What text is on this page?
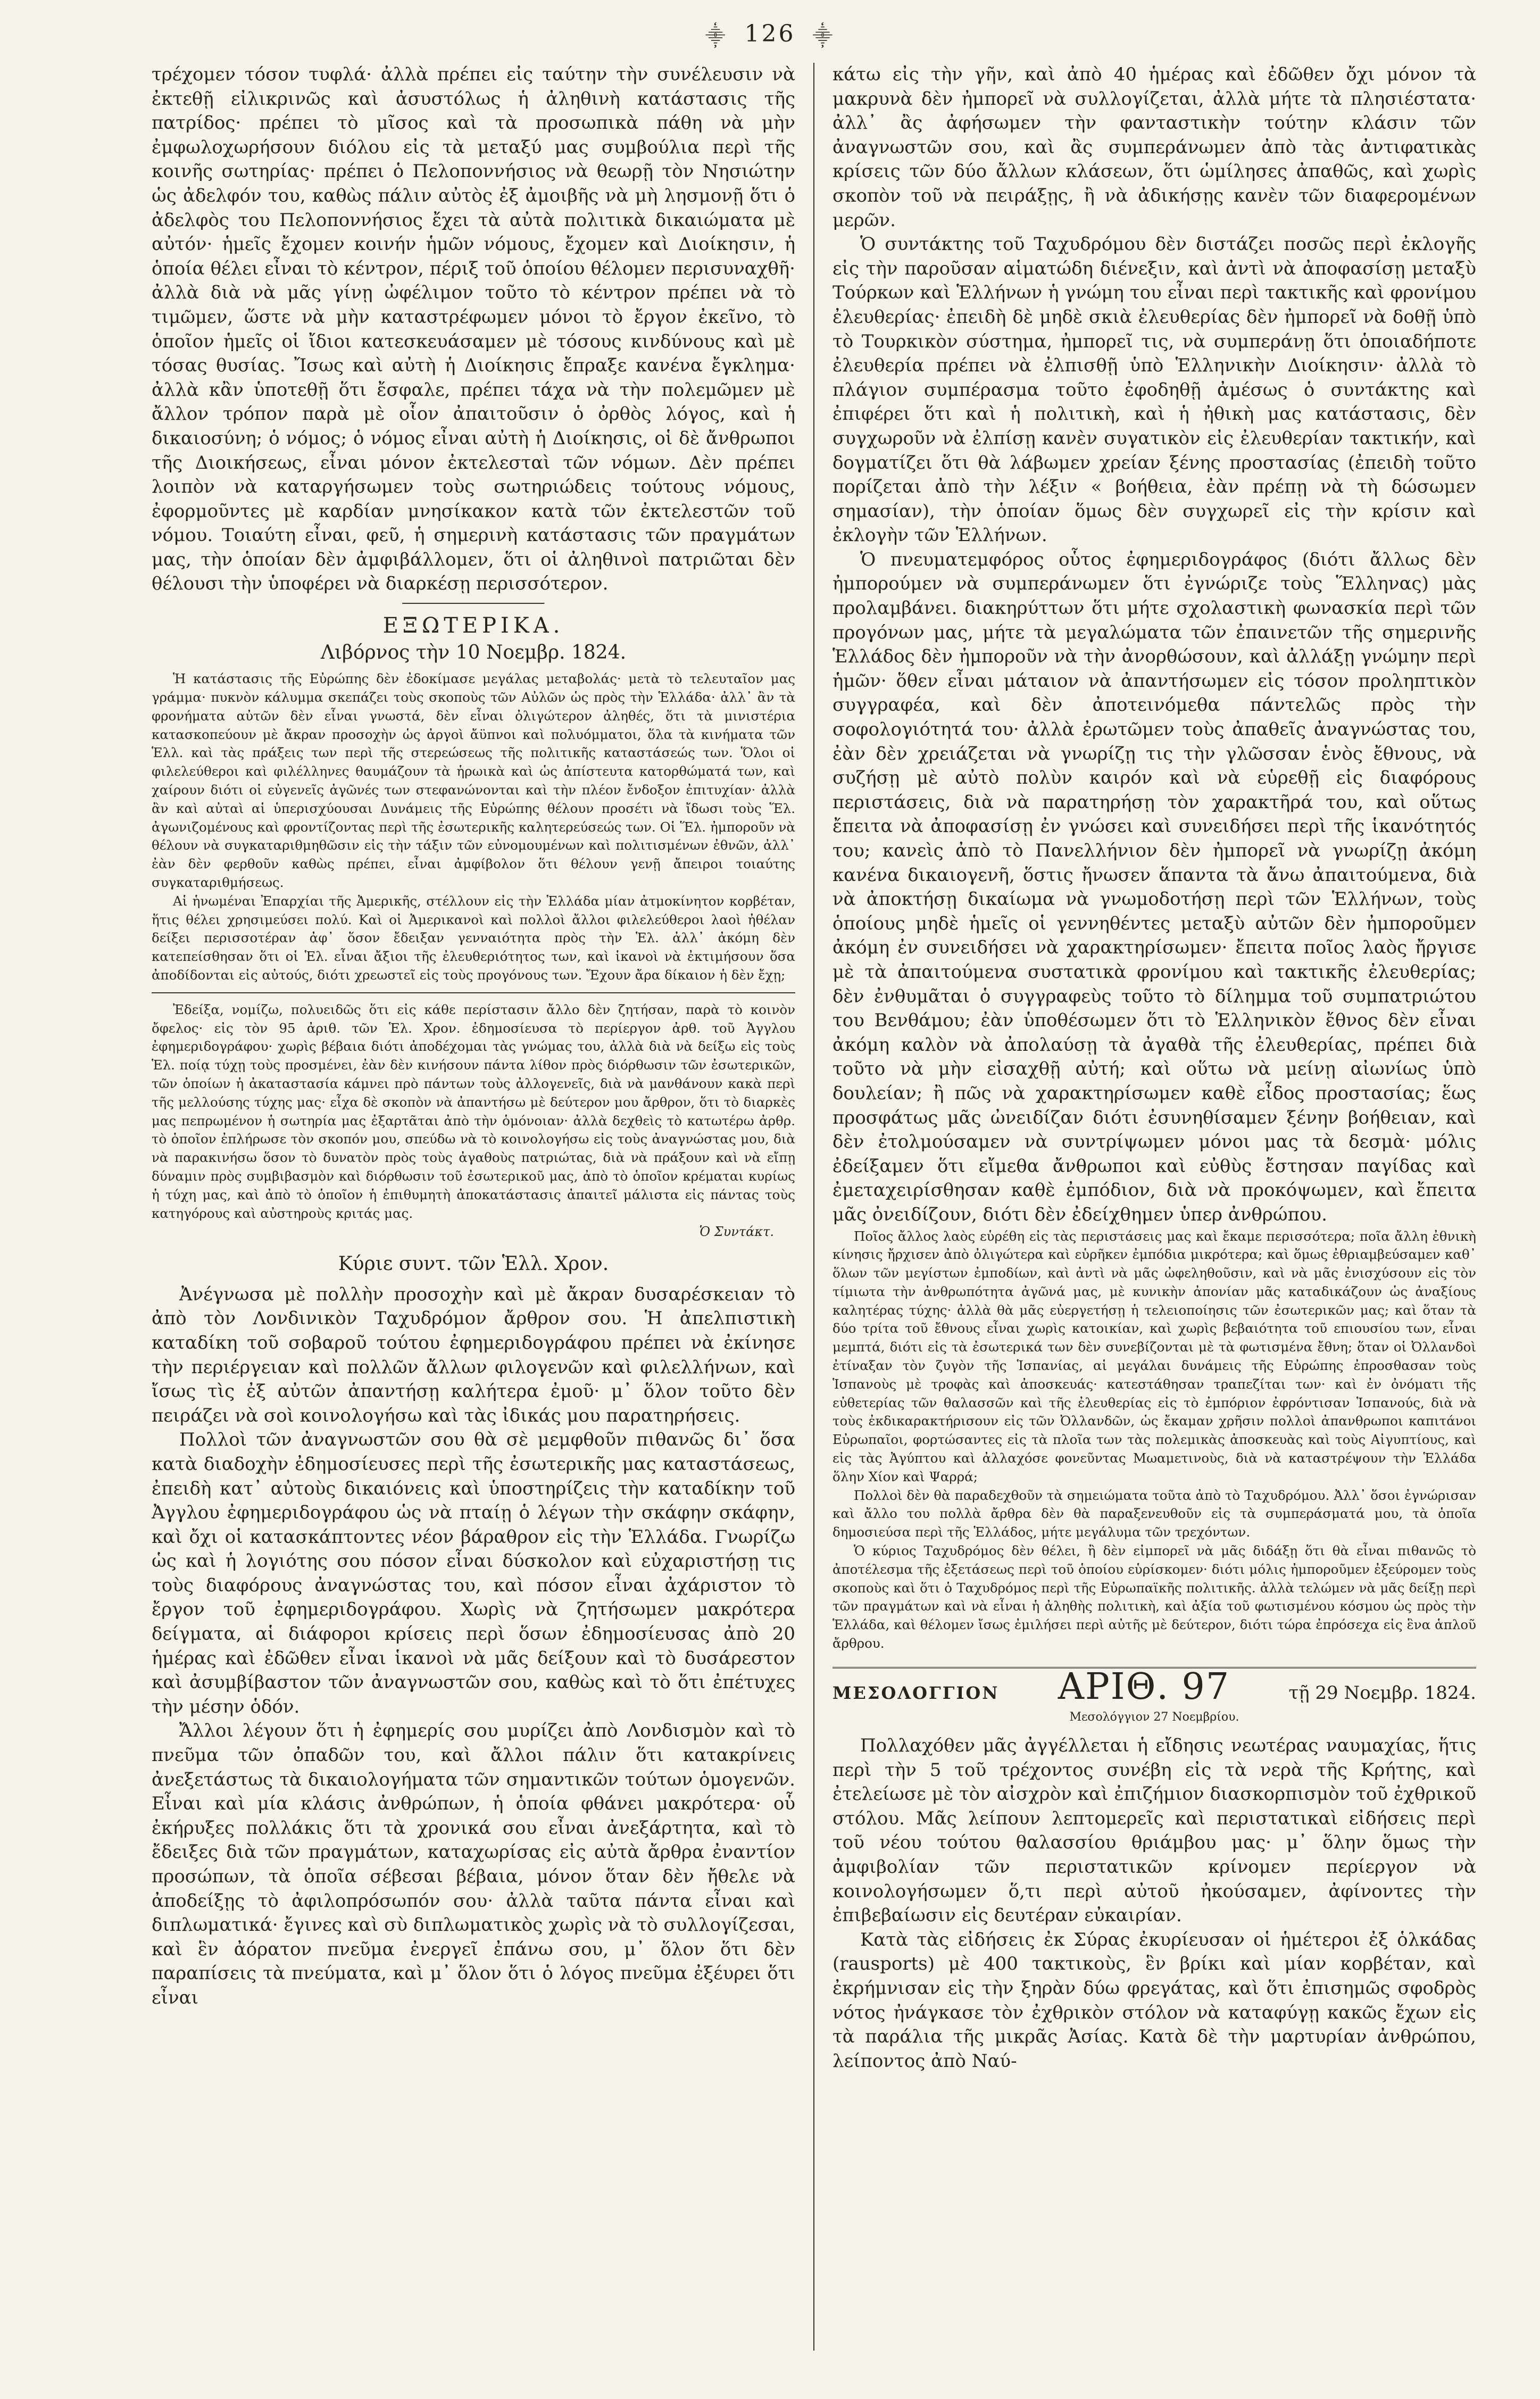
⸎ 126 ⸎

τρέχομεν τόσον τυφλά· ἀλλὰ πρέπει εἰς ταύτην τὴν συνέλευσιν νὰ ἐκτεθῇ εἰλικρινῶς καὶ ἀσυστόλως ἡ ἀληθινὴ κατάστασις τῆς πατρίδος· πρέπει τὸ μῖσος καὶ τὰ προσωπικὰ πάθη νὰ μὴν ἐμφωλοχωρήσουν διόλου εἰς τὰ μεταξύ μας συμβούλια περὶ τῆς κοινῆς σωτηρίας· πρέπει ὁ Πελοποννήσιος νὰ θεωρῇ τὸν Νησιώτην ὡς ἀδελφόν του, καθὼς πάλιν αὐτὸς ἐξ ἀμοιβῆς νὰ μὴ λησμονῇ ὅτι ὁ ἀδελφὸς του Πελοποννήσιος ἔχει τὰ αὐτὰ πολιτικὰ δικαιώματα μὲ αὐτόν· ἡμεῖς ἔχομεν κοινήν ἡμῶν νόμους, ἔχομεν καὶ Διοίκησιν, ἡ ὁποία θέλει εἶναι τὸ κέντρον, πέριξ τοῦ ὁποίου θέλομεν περισυναχθῆ· ἀλλὰ διὰ νὰ μᾶς γίνῃ ὠφέλιμον τοῦτο τὸ κέντρον πρέπει νὰ τὸ τιμῶμεν, ὥστε νὰ μὴν καταστρέφωμεν μόνοι τὸ ἔργον ἐκεῖνο, τὸ ὁποῖον ἡμεῖς οἱ ἴδιοι κατεσκευάσαμεν μὲ τόσους κινδύνους καὶ μὲ τόσας θυσίας. Ἴσως καὶ αὐτὴ ἡ Διοίκησις ἔπραξε κανένα ἔγκλημα· ἀλλὰ κἂν ὑποτεθῇ ὅτι ἔσφαλε, πρέπει τάχα νὰ τὴν πολεμῶμεν μὲ ἄλλον τρόπον παρὰ μὲ οἷον ἀπαιτοῦσιν ὁ ὀρθὸς λόγος, καὶ ἡ δικαιοσύνη; ὁ νόμος; ὁ νόμος εἶναι αὐτὴ ἡ Διοίκησις, οἱ δὲ ἄνθρωποι τῆς Διοικήσεως, εἶναι μόνον ἐκτελεσταὶ τῶν νόμων. Δὲν πρέπει λοιπὸν νὰ καταργήσωμεν τοὺς σωτηριώδεις τούτους νόμους, ἐφορμοῦντες μὲ καρδίαν μνησίκακον κατὰ τῶν ἐκτελεστῶν τοῦ νόμου. Τοιαύτη εἶναι, φεῦ, ἡ σημερινὴ κατάστασις τῶν πραγμάτων μας, τὴν ὁποίαν δὲν ἀμφιβάλλομεν, ὅτι οἱ ἀληθινοὶ πατριῶται δὲν θέλουσι τὴν ὑποφέρει νὰ διαρκέσῃ περισσότερον.

ΕΞΩΤΕΡΙΚΑ.
Λιβόρνος τὴν 10 Νοεμβρ. 1824.

Ἡ κατάστασις τῆς Εὐρώπης δὲν ἐδοκίμασε μεγάλας μεταβολάς· μετὰ τὸ τελευταῖον μας γράμμα· πυκνὸν κάλυμμα σκεπάζει τοὺς σκοποὺς τῶν Αὐλῶν ὡς πρὸς τὴν Ἑλλάδα· ἀλλ᾽ ἂν τὰ φρονήματα αὐτῶν δὲν εἶναι γνωστά, δὲν εἶναι ὀλιγώτερον ἀληθές, ὅτι τὰ μινιστέρια κατασκοπεύουν μὲ ἄκραν προσοχὴν ὡς ἀργοὶ ἄϋπνοι καὶ πολυόμματοι, ὅλα τὰ κινήματα τῶν Ἑλλ. καὶ τὰς πράξεις των περὶ τῆς στερεώσεως τῆς πολιτικῆς καταστάσεώς των. Ὅλοι οἱ φιλελεύθεροι καὶ φιλέλληνες θαυμάζουν τὰ ἡρωικὰ καὶ ὡς ἀπίστευτα κατορθώματά των, καὶ χαίρουν διότι οἱ εὐγενεῖς ἀγῶνές των στεφανώνονται καὶ τὴν πλέον ἔνδοξον ἐπιτυχίαν· ἀλλὰ ἂν καὶ αὐταὶ αἱ ὑπερισχύουσαι Δυνάμεις τῆς Εὐρώπης θέλουν προσέτι νὰ ἴδωσι τοὺς Ἕλ. ἀγωνιζομένους καὶ φροντίζοντας περὶ τῆς ἐσωτερικῆς καλητερεύσεώς των. Οἱ Ἕλ. ἠμποροῦν νὰ θέλουν νὰ συγκαταριθμηθῶσιν εἰς τὴν τάξιν τῶν εὐνομουμένων καὶ πολιτισμένων ἐθνῶν, ἀλλ᾽ ἐὰν δὲν φερθοῦν καθὼς πρέπει, εἶναι ἀμφίβολον ὅτι θέλουν γενῇ ἄπειροι τοιαύτης συγκαταριθμήσεως.

Αἱ ἡνωμέναι Ἐπαρχίαι τῆς Ἀμερικῆς, στέλλουν εἰς τὴν Ἑλλάδα μίαν ἀτμοκίνητον κορβέταν, ἥτις θέλει χρησιμεύσει πολύ. Καὶ οἱ Ἀμερικανοὶ καὶ πολλοὶ ἄλλοι φιλελεύθεροι λαοὶ ἠθέλαν δείξει περισσοτέραν ἀφ᾽ ὅσον ἔδειξαν γενναιότητα πρὸς τὴν Ἑλ. ἀλλ᾽ ἀκόμη δὲν κατεπείσθησαν ὅτι οἱ Ἑλ. εἶναι ἄξιοι τῆς ἐλευθεριότητος των, καὶ ἱκανοὶ νὰ ἐκτιμήσουν ὅσα ἀποδίδονται εἰς αὐτούς, διότι χρεωστεῖ εἰς τοὺς προγόνους των. Ἔχουν ἄρα δίκαιον ἡ δὲν ἔχῃ;

Ἐδείξα, νομίζω, πολυειδῶς ὅτι εἰς κάθε περίστασιν ἄλλο δὲν ζητήσαν, παρὰ τὸ κοινὸν ὄφελος· εἰς τὸν 95 ἀριθ. τῶν Ἑλ. Χρον. ἐδημοσίευσα τὸ περίεργον ἀρθ. τοῦ Ἀγγλου ἐφημεριδογράφου· χωρὶς βέβαια διότι ἀποδέχομαι τὰς γνώμας του, ἀλλὰ διὰ νὰ δείξω εἰς τοὺς Ἑλ. ποίᾳ τύχῃ τοὺς προσμένει, ἐὰν δὲν κινήσουν πάντα λίθον πρὸς διόρθωσιν τῶν ἐσωτερικῶν, τῶν ὁποίων ἡ ἀκαταστασία κάμνει πρὸ πάντων τοὺς ἀλλογενεῖς, διὰ νὰ μανθάνουν κακὰ περὶ τῆς μελλούσης τύχης μας· εἶχα δὲ σκοπὸν νὰ ἀπαντήσω μὲ δεύτερον μου ἄρθρον, ὅτι τὸ διαρκὲς μας πεπρωμένον ἡ σωτηρία μας ἐξαρτᾶται ἀπὸ τὴν ὁμόνοιαν· ἀλλὰ δεχθεὶς τὸ κατωτέρω ἀρθρ. τὸ ὁποῖον ἐπλήρωσε τὸν σκοπόν μου, σπεύδω νὰ τὸ κοινολογήσω εἰς τοὺς ἀναγνώστας μου, διὰ νὰ παρακινήσω ὅσον τὸ δυνατὸν πρὸς τοὺς ἀγαθοὺς πατριώτας, διὰ νὰ πράξουν καὶ νὰ εἴπῃ δύναμιν πρὸς συμβιβασμὸν καὶ διόρθωσιν τοῦ ἐσωτερικοῦ μας, ἀπὸ τὸ ὁποῖον κρέμαται κυρίως ἡ τύχη μας, καὶ ἀπὸ τὸ ὁποῖον ἡ ἐπιθυμητὴ ἀποκατάστασις ἀπαιτεῖ μάλιστα εἰς πάντας τοὺς κατηγόρους καὶ αὐστηροὺς κριτάς μας.

Ὁ Συντάκτ.
Κύριε συντ. τῶν Ἑλλ. Χρον.

Ἀνέγνωσα μὲ πολλὴν προσοχὴν καὶ μὲ ἄκραν δυσαρέσκειαν τὸ ἀπὸ τὸν Λονδινικὸν Ταχυδρόμον ἄρθρον σου. Ἡ ἀπελπιστικὴ καταδίκη τοῦ σοβαροῦ τούτου ἐφημεριδογράφου πρέπει νὰ ἐκίνησε τὴν περιέργειαν καὶ πολλῶν ἄλλων φιλογενῶν καὶ φιλελλήνων, καὶ ἴσως τὶς ἐξ αὐτῶν ἀπαντήσῃ καλήτερα ἐμοῦ· μ᾽ ὅλον τοῦτο δὲν πειράζει νὰ σοὶ κοινολογήσω καὶ τὰς ἰδικάς μου παρατηρήσεις.

Πολλοὶ τῶν ἀναγνωστῶν σου θὰ σὲ μεμφθοῦν πιθανῶς δι᾽ ὅσα κατὰ διαδοχὴν ἐδημοσίευσες περὶ τῆς ἐσωτερικῆς μας καταστάσεως, ἐπειδὴ κατ᾽ αὐτοὺς δικαιόνεις καὶ ὑποστηρίζεις τὴν καταδίκην τοῦ Ἀγγλου ἐφημεριδογράφου ὡς νὰ πταίῃ ὁ λέγων τὴν σκάφην σκάφην, καὶ ὄχι οἱ κατασκάπτοντες νέον βάραθρον εἰς τὴν Ἑλλάδα. Γνωρίζω ὡς καὶ ἡ λογιότης σου πόσον εἶναι δύσκολον καὶ εὐχαριστήσῃ τις τοὺς διαφόρους ἀναγνώστας του, καὶ πόσον εἶναι ἀχάριστον τὸ ἔργον τοῦ ἐφημεριδογράφου. Χωρὶς νὰ ζητήσωμεν μακρότερα δείγματα, αἱ διάφοροι κρίσεις περὶ ὅσων ἐδημοσίευσας ἀπὸ 20 ἡμέρας καὶ ἐδῶθεν εἶναι ἱκανοὶ νὰ μᾶς δείξουν καὶ τὸ δυσάρεστον καὶ ἀσυμβίβαστον τῶν ἀναγνωστῶν σου, καθὼς καὶ τὸ ὅτι ἐπέτυχες τὴν μέσην ὁδόν.

Ἄλλοι λέγουν ὅτι ἡ ἐφημερίς σου μυρίζει ἀπὸ Λονδισμὸν καὶ τὸ πνεῦμα τῶν ὀπαδῶν του, καὶ ἄλλοι πάλιν ὅτι κατακρίνεις ἀνεξετάστως τὰ δικαιολογήματα τῶν σημαντικῶν τούτων ὁμογενῶν. Εἶναι καὶ μία κλάσις ἀνθρώπων, ἡ ὁποία φθάνει μακρότερα· οὗ ἐκήρυξες πολλάκις ὅτι τὰ χρονικά σου εἶναι ἀνεξάρτητα, καὶ τὸ ἔδειξες διὰ τῶν πραγμάτων, καταχωρίσας εἰς αὐτὰ ἄρθρα ἐναντίον προσώπων, τὰ ὁποῖα σέβεσαι βέβαια, μόνον ὅταν δὲν ἤθελε νὰ ἀποδείξῃς τὸ ἀφιλοπρόσωπόν σου· ἀλλὰ ταῦτα πάντα εἶναι καὶ διπλωματικά· ἔγινες καὶ σὺ διπλωματικὸς χωρὶς νὰ τὸ συλλογίζεσαι, καὶ ἓν ἀόρατον πνεῦμα ἐνεργεῖ ἐπάνω σου, μ᾽ ὅλον ὅτι δὲν παραπίσεις τὰ πνεύματα, καὶ μ᾽ ὅλον ὅτι ὁ λόγος πνεῦμα ἐξέυρει ὅτι εἶναι

κάτω εἰς τὴν γῆν, καὶ ἀπὸ 40 ἡμέρας καὶ ἐδῶθεν ὄχι μόνον τὰ μακρυνὰ δὲν ἠμπορεῖ νὰ συλλογίζεται, ἀλλὰ μήτε τὰ πλησιέστατα· ἀλλ᾽ ἂς ἀφήσωμεν τὴν φανταστικὴν τούτην κλάσιν τῶν ἀναγνωστῶν σου, καὶ ἂς συμπεράνωμεν ἀπὸ τὰς ἀντιφατικὰς κρίσεις τῶν δύο ἄλλων κλάσεων, ὅτι ὡμίλησες ἀπαθῶς, καὶ χωρὶς σκοπὸν τοῦ νὰ πειράξῃς, ἢ νὰ ἀδικήσῃς κανὲν τῶν διαφερομένων μερῶν.

Ὁ συντάκτης τοῦ Ταχυδρόμου δὲν διστάζει ποσῶς περὶ ἐκλογῆς εἰς τὴν παροῦσαν αἱματώδη διένεξιν, καὶ ἀντὶ νὰ ἀποφασίσῃ μεταξὺ Τούρκων καὶ Ἑλλήνων ἡ γνώμη του εἶναι περὶ τακτικῆς καὶ φρονίμου ἐλευθερίας· ἐπειδὴ δὲ μηδὲ σκιὰ ἐλευθερίας δὲν ἠμπορεῖ νὰ δοθῇ ὑπὸ τὸ Τουρκικὸν σύστημα, ἠμπορεῖ τις, νὰ συμπεράνῃ ὅτι ὁποιαδήποτε ἐλευθερία πρέπει νὰ ἐλπισθῇ ὑπὸ Ἑλληνικὴν Διοίκησιν· ἀλλὰ τὸ πλάγιον συμπέρασμα τοῦτο ἐφοδηθῇ ἀμέσως ὁ συντάκτης καὶ ἐπιφέρει ὅτι καὶ ἡ πολιτικὴ, καὶ ἡ ἠθικὴ μας κατάστασις, δὲν συγχωροῦν νὰ ἐλπίσῃ κανὲν συγατικὸν εἰς ἐλευθερίαν τακτικήν, καὶ δογματίζει ὅτι θὰ λάβωμεν χρείαν ξένης προστασίας (ἐπειδὴ τοῦτο πορίζεται ἀπὸ τὴν λέξιν « βοήθεια, ἐὰν πρέπῃ νὰ τὴ δώσωμεν σημασίαν), τὴν ὁποίαν ὅμως δὲν συγχωρεῖ εἰς τὴν κρίσιν καὶ ἐκλογὴν τῶν Ἑλλήνων.

Ὁ πνευματεμφόρος οὗτος ἐφημεριδογράφος (διότι ἄλλως δὲν ἠμπορούμεν νὰ συμπεράνωμεν ὅτι ἐγνώριζε τοὺς Ἕλληνας) μὰς προλαμβάνει. διακηρύττων ὅτι μήτε σχολαστικὴ φωνασκία περὶ τῶν προγόνων μας, μήτε τὰ μεγαλώματα τῶν ἐπαινετῶν τῆς σημερινῆς Ἑλλάδος δὲν ἠμποροῦν νὰ τὴν ἀνορθώσουν, καὶ ἀλλάξῃ γνώμην περὶ ἡμῶν· ὅθεν εἶναι μάταιον νὰ ἀπαντήσωμεν εἰς τόσον προληπτικὸν συγγραφέα, καὶ δὲν ἀποτεινόμεθα πάντελῶς πρὸς τὴν σοφολογιότητά του· ἀλλὰ ἐρωτῶμεν τοὺς ἀπαθεῖς ἀναγνώστας του, ἐὰν δὲν χρειάζεται νὰ γνωρίζῃ τις τὴν γλῶσσαν ἑνὸς ἔθνους, νὰ συζήσῃ μὲ αὐτὸ πολὺν καιρόν καὶ νὰ εὑρεθῇ εἰς διαφόρους περιστάσεις, διὰ νὰ παρατηρήσῃ τὸν χαρακτῆρά του, καὶ οὕτως ἔπειτα νὰ ἀποφασίσῃ ἐν γνώσει καὶ συνειδήσει περὶ τῆς ἱκανότητός του; κανεὶς ἀπὸ τὸ Πανελλήνιον δὲν ἠμπορεῖ νὰ γνωρίζῃ ἀκόμη κανένα δικαιογενῆ, ὅστις ἤνωσεν ἅπαντα τὰ ἄνω ἀπαιτούμενα, διὰ νὰ ἀποκτήσῃ δικαίωμα νὰ γνωμοδοτήσῃ περὶ τῶν Ἑλλήνων, τοὺς ὁποίους μηδὲ ἡμεῖς οἱ γεννηθέντες μεταξὺ αὐτῶν δὲν ἠμποροῦμεν ἀκόμη ἐν συνειδήσει νὰ χαρακτηρίσωμεν· ἔπειτα ποῖος λαὸς ἤργισε μὲ τὰ ἀπαιτούμενα συστατικὰ φρονίμου καὶ τακτικῆς ἐλευθερίας; δὲν ἐνθυμᾶται ὁ συγγραφεὺς τοῦτο τὸ δίλημμα τοῦ συμπατριώτου του Βενθάμου; ἐὰν ὑποθέσωμεν ὅτι τὸ Ἑλληνικὸν ἔθνος δὲν εἶναι ἀκόμη καλὸν νὰ ἀπολαύσῃ τὰ ἀγαθὰ τῆς ἐλευθερίας, πρέπει διὰ τοῦτο νὰ μὴν εἰσαχθῇ αὐτή; καὶ οὕτω νὰ μείνῃ αἰωνίως ὑπὸ δουλείαν; ἢ πῶς νὰ χαρακτηρίσωμεν καθὲ εἶδος προστασίας; ἕως προσφάτως μᾶς ὠνειδίζαν διότι ἐσυνηθίσαμεν ξένην βοήθειαν, καὶ δὲν ἐτολμούσαμεν νὰ συντρίψωμεν μόνοι μας τὰ δεσμὰ· μόλις ἐδείξαμεν ὅτι εἴμεθα ἄνθρωποι καὶ εὐθὺς ἔστησαν παγίδας καὶ ἐμεταχειρίσθησαν καθὲ ἐμπόδιον, διὰ νὰ προκόψωμεν, καὶ ἔπειτα μᾶς ὀνειδίζουν, διότι δὲν ἐδείχθημεν ὑπερ ἀνθρώπου.

Ποῖος ἄλλος λαὸς εὑρέθη εἰς τὰς περιστάσεις μας καὶ ἔκαμε περισσότερα; ποῖα ἄλλη ἐθνικὴ κίνησις ἤρχισεν ἀπὸ ὀλιγώτερα καὶ εὑρῆκεν ἐμπόδια μικρότερα; καὶ ὅμως ἐθριαμβεύσαμεν καθ᾽ ὅλων τῶν μεγίστων ἐμποδίων, καὶ ἀντὶ νὰ μᾶς ὠφεληθοῦσιν, καὶ νὰ μᾶς ἐνισχύσουν εἰς τὸν τίμιωτα τὴν ἀνθρωπότητα ἀγῶνά μας, μὲ κυνικὴν ἀπονίαν μᾶς καταδικάζουν ὡς ἀναξίους καλητέρας τύχης· ἀλλὰ θὰ μᾶς εὐεργετήσῃ ἡ τελειοποίησις τῶν ἐσωτερικῶν μας; καὶ ὅταν τὰ δύο τρίτα τοῦ ἔθνους εἶναι χωρὶς κατοικίαν, καὶ χωρὶς βεβαιότητα τοῦ επιουσίου των, εἶναι μεμπτά, διότι εἰς τὰ ἐσωτερικά των δὲν συνεβίζονται μὲ τὰ φωτισμένα ἔθνη; ὅταν οἱ Ὀλλανδοὶ ἐτίναξαν τὸν ζυγὸν τῆς Ἱσπανίας, αἱ μεγάλαι δυνάμεις τῆς Εὐρώπης ἐπροσθασαν τοὺς Ἱσπανοὺς μὲ τροφὰς καὶ ἀποσκευάς· κατεστάθησαν τραπεζίται των· καὶ ἐν ὀνόματι τῆς εὐθετερίας τῶν θαλασσῶν καὶ τῆς ἐλευθερίας εἰς τὸ ἐμπόριον ἐφρόντισαν Ἱσπανούς, διὰ νὰ τοὺς ἐκδικαρακτήρισουν εἰς τῶν Ὀλλανδῶν, ὡς ἔκαμαν χρῆσιν πολλοὶ ἀπανθρωποι καπιτάνοι Εὐρωπαῖοι, φορτώσαντες εἰς τὰ πλοῖα των τὰς πολεμικὰς ἀποσκευὰς καὶ τοὺς Αἰγυπτίους, καὶ εἰς τὰς Ἀγύπτου καὶ ἀλλαχόσε φονεῦντας Μωαμετινοὺς, διὰ νὰ καταστρέψουν τὴν Ἑλλάδα ὅλην Χίον καὶ Ψαρρά;

Πολλοὶ δὲν θὰ παραδεχθοῦν τὰ σημειώματα τοῦτα ἀπὸ τὸ Ταχυδρόμου. Ἀλλ᾽ ὅσοι ἐγνώρισαν καὶ ἄλλο του πολλὰ ἄρθρα δὲν θὰ παραξενευθοῦν εἰς τὰ συμπεράσματά μου, τὰ ὁποῖα δημοσιεύσα περὶ τῆς Ἑλλάδος, μήτε μεγάλυμα τῶν τρεχόντων.

Ὁ κύριος Ταχυδρόμος δὲν θέλει, ἢ δὲν εἰμπορεῖ νὰ μᾶς διδάξῃ ὅτι θὰ εἶναι πιθανῶς τὸ ἀποτέλεσμα τῆς ἐξετάσεως περὶ τοῦ ὁποίου εὑρίσκομεν· διότι μόλις ἠμποροῦμεν ἐξεύρομεν τοὺς σκοποὺς καὶ ὅτι ὁ Ταχυδρόμος περὶ τῆς Εὐρωπαϊκῆς πολιτικῆς. ἀλλὰ τελώμεν νὰ μᾶς δείξῃ περὶ τῶν πραγμάτων καὶ νὰ εἶναι ἡ ἀληθὴς πολιτικὴ, καὶ ἀξία τοῦ φωτισμένου κόσμου ὡς πρὸς τὴν Ἑλλάδα, καὶ θέλομεν ἴσως ἐμιλήσει περὶ αὐτῆς μὲ δεύτερον, διότι τώρα ἐπρόσεχα εἰς ἓνα ἁπλοῦ ἄρθρου.

ΜΕΣΟΛΟΓΓΙΟΝ ΑΡΙΘ. 97	τῇ 29 Νοεμβρ. 1824.
Μεσολόγγιον 27 Νοεμβρίου.

Πολλαχόθεν μᾶς ἀγγέλλεται ἡ εἴδησις νεωτέρας ναυμαχίας, ἥτις περὶ τὴν 5 τοῦ τρέχοντος συνέβη εἰς τὰ νερὰ τῆς Κρήτης, καὶ ἐτελείωσε μὲ τὸν αἰσχρὸν καὶ ἐπιζήμιον διασκορπισμὸν τοῦ ἐχθρικοῦ στόλου. Μᾶς λείπουν λεπτομερεῖς καὶ περιστατικαὶ εἰδήσεις περὶ τοῦ νέου τούτου θαλασσίου θριάμβου μας· μ᾽ ὅλην ὅμως τὴν ἀμφιβολίαν τῶν περιστατικῶν κρίνομεν περίεργον νὰ κοινολογήσωμεν ὅ,τι περὶ αὐτοῦ ἠκούσαμεν, ἀφίνοντες τὴν ἐπιβεβαίωσιν εἰς δευτέραν εὐκαιρίαν.

Κατὰ τὰς εἰδήσεις ἐκ Σύρας ἐκυρίευσαν οἱ ἡμέτεροι ἐξ ὁλκάδας (rausports) μὲ 400 τακτικοὺς, ἓν βρίκι καὶ μίαν κορβέταν, καὶ ἐκρήμνισαν εἰς τὴν ξηρὰν δύω φρεγάτας, καὶ ὅτι ἐπισημῶς σφοδρὸς νότος ἠνάγκασε τὸν ἐχθρικὸν στόλον νὰ καταφύγῃ κακῶς ἔχων εἰς τὰ παράλια τῆς μικρᾶς Ἀσίας. Κατὰ δὲ τὴν μαρτυρίαν ἀνθρώπου, λείποντος ἀπὸ Ναύ-
